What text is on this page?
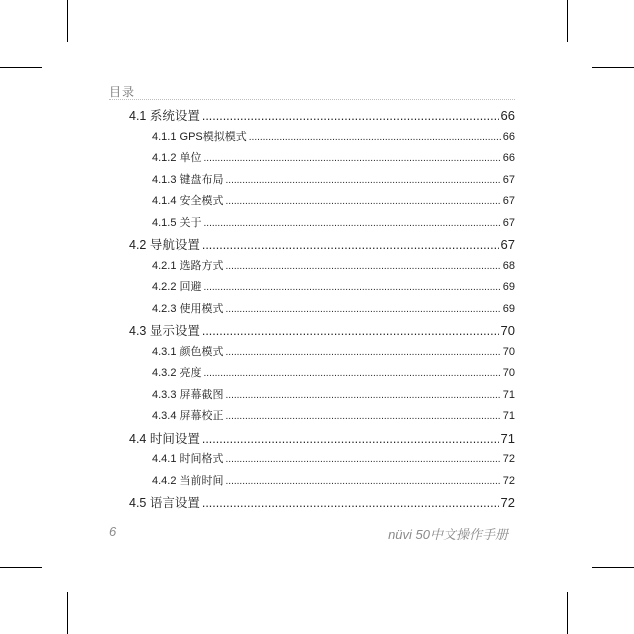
目录
4.1 系统设置 .....	66
4.1.1 GPS模拟模式 .....	66
4.1.2 单位 .....	66
4.1.3 键盘布局 .....	67
4.1.4 安全模式 .....	67
4.1.5 关于 .....	67
4.2 导航设置 .....	67
4.2.1 选路方式 .....	68
4.2.2 回避 .....	69
4.2.3 使用模式 .....	69
4.3 显示设置 .....	70
4.3.1 颜色模式 .....	70
4.3.2 亮度 .....	70
4.3.3 屏幕截图 .....	71
4.3.4 屏幕校正 .....	71
4.4 时间设置 .....	71
4.4.1 时间格式 .....	72
4.4.2 当前时间 .....	72
4.5 语言设置 .....	72
6	nüvi 50中文操作手册
